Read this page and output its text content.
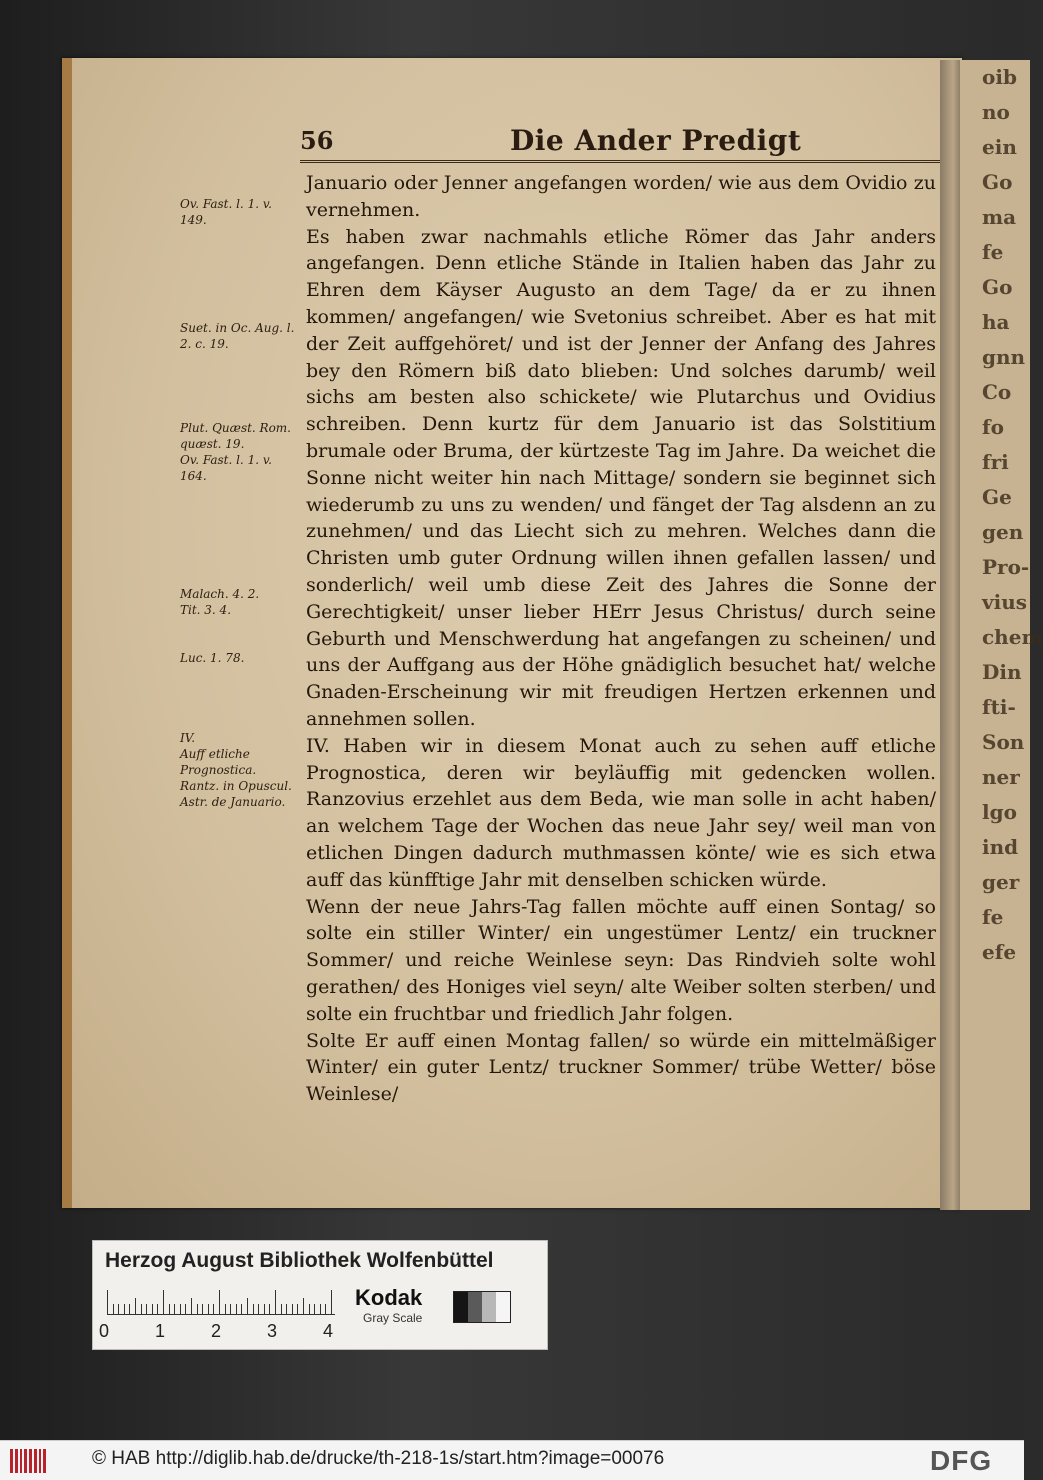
oib
no
ein
Go
ma
fe
Go
ha
gnn
Co
fo
fri
Ge
gen
Pro-
vius
chem
Din
fti-
Son
ner
lgo
ind
ger
fe
efe
56	Die Ander Predigt

Januario oder Jenner angefangen worden/ wie aus dem Ovidio zu vernehmen.
Es haben zwar nachmahls etliche Römer das Jahr anders angefangen. Denn etliche Stände in Italien haben das Jahr zu Ehren dem Käyser Augusto an dem Tage/ da er zu ihnen kommen/ angefangen/ wie Svetonius schreibet. Aber es hat mit der Zeit auffgehöret/ und ist der Jenner der Anfang des Jahres bey den Römern biß dato blieben: Und solches darumb/ weil sichs am besten also schickete/ wie Plutarchus und Ovidius schreiben. Denn kurtz für dem Januario ist das Solstitium brumale oder Bruma, der kürtzeste Tag im Jahre. Da weichet die Sonne nicht weiter hin nach Mittage/ sondern sie beginnet sich wiederumb zu uns zu wenden/ und fänget der Tag alsdenn an zu zunehmen/ und das Liecht sich zu mehren. Welches dann die Christen umb guter Ordnung willen ihnen gefallen lassen/ und sonderlich/ weil umb diese Zeit des Jahres die Sonne der Gerechtigkeit/ unser lieber HErr Jesus Christus/ durch seine Geburth und Menschwerdung hat angefangen zu scheinen/ und uns der Auffgang aus der Höhe gnädiglich besuchet hat/ welche Gnaden-Erscheinung wir mit freudigen Hertzen erkennen und annehmen sollen.
IV. Haben wir in diesem Monat auch zu sehen auff etliche Prognostica, deren wir beyläuffig mit gedencken wollen. Ranzovius erzehlet aus dem Beda, wie man solle in acht haben/ an welchem Tage der Wochen das neue Jahr sey/ weil man von etlichen Dingen dadurch muthmassen könte/ wie es sich etwa auff das künfftige Jahr mit denselben schicken würde.
Wenn der neue Jahrs-Tag fallen möchte auff einen Sontag/ so solte ein stiller Winter/ ein ungestümer Lentz/ ein truckner Sommer/ und reiche Weinlese seyn: Das Rindvieh solte wohl gerathen/ des Honiges viel seyn/ alte Weiber solten sterben/ und solte ein fruchtbar und friedlich Jahr folgen.
Solte Er auff einen Montag fallen/ so würde ein mittelmäßiger Winter/ ein guter Lentz/ truckner Sommer/ trübe Wetter/ böse Weinlese/

Ov. Fast. l. 1. v. 149.
Suet. in Oc. Aug. l. 2. c. 19.
Plut. Quæst. Rom. quæst. 19.
Ov. Fast. l. 1. v. 164.
Malach. 4. 2.
Tit. 3. 4.
Luc. 1. 78.
IV.
Auff etliche Prognostica.
Rantz. in Opuscul. Astr. de Januario.
Herzog August Bibliothek Wolfenbüttel
0	1	2	3	4
Kodak
Gray Scale
© HAB http://diglib.hab.de/drucke/th-218-1s/start.htm?image=00076	DFG
